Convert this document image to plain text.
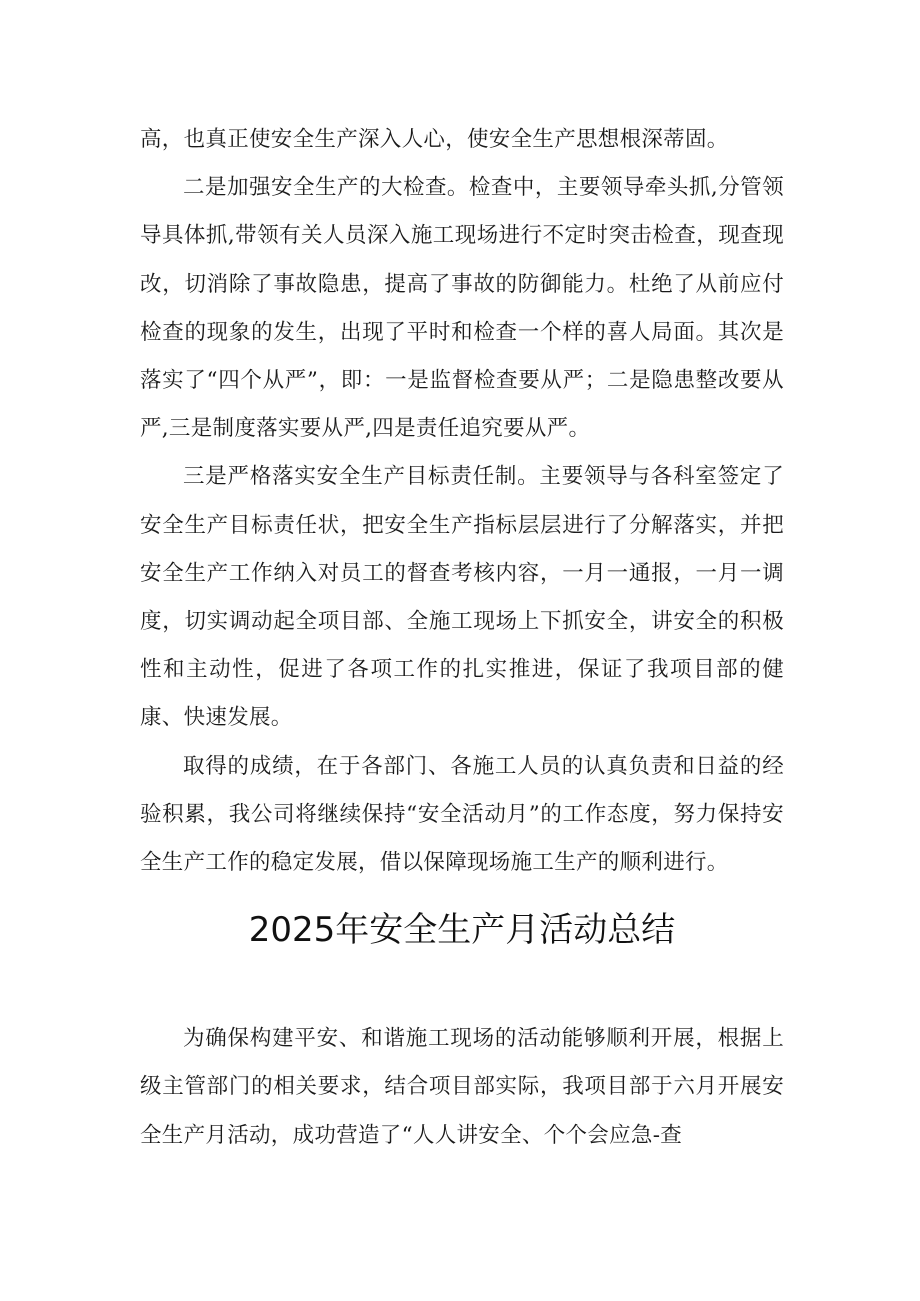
高，也真正使安全生产深入人心，使安全生产思想根深蒂固。

二是加强安全生产的大检查。检查中，主要领导牵头抓,分管领导具体抓,带领有关人员深入施工现场进行不定时突击检查，现查现改，切消除了事故隐患，提高了事故的防御能力。杜绝了从前应付检查的现象的发生，出现了平时和检查一个样的喜人局面。其次是落实了“四个从严”，即：一是监督检查要从严；二是隐患整改要从严,三是制度落实要从严,四是责任追究要从严。

三是严格落实安全生产目标责任制。主要领导与各科室签定了安全生产目标责任状，把安全生产指标层层进行了分解落实，并把安全生产工作纳入对员工的督查考核内容，一月一通报，一月一调度，切实调动起全项目部、全施工现场上下抓安全，讲安全的积极性和主动性，促进了各项工作的扎实推进，保证了我项目部的健康、快速发展。

取得的成绩，在于各部门、各施工人员的认真负责和日益的经验积累，我公司将继续保持“安全活动月”的工作态度，努力保持安全生产工作的稳定发展，借以保障现场施工生产的顺利进行。

2025年安全生产月活动总结

为确保构建平安、和谐施工现场的活动能够顺利开展，根据上级主管部门的相关要求，结合项目部实际，我项目部于六月开展安全生产月活动，成功营造了“人人讲安全、个个会应急-查
